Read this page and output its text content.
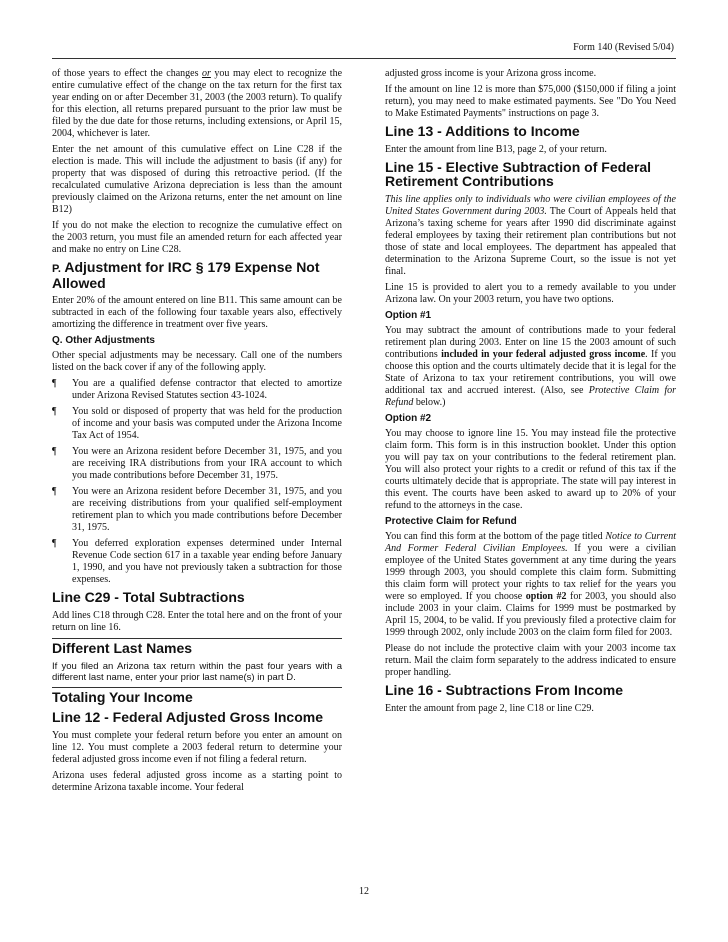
Form 140 (Revised 5/04)

of those years to effect the changes or you may elect to recognize the entire cumulative effect of the change on the tax return for the first tax year ending on or after December 31, 2003 (the 2003 return). To qualify for this election, all returns prepared pursuant to the prior law must be filed by the due date for those returns, including extensions, or April 15, 2004, whichever is later.

Enter the net amount of this cumulative effect on Line C28 if the election is made. This will include the adjustment to basis (if any) for property that was disposed of during this retroactive period. (If the recalculated cumulative Arizona depreciation is less than the amount previously claimed on the Arizona returns, enter the net amount on line B12)

If you do not make the election to recognize the cumulative effect on the 2003 return, you must file an amended return for each affected year and make no entry on Line C28.

P. Adjustment for IRC § 179 Expense Not Allowed

Enter 20% of the amount entered on line B11. This same amount can be subtracted in each of the following four taxable years also, effectively amortizing the difference in treatment over five years.

Q. Other Adjustments

Other special adjustments may be necessary. Call one of the numbers listed on the back cover if any of the following apply.

¶	You are a qualified defense contractor that elected to amortize under Arizona Revised Statutes section 43-1024.
¶	You sold or disposed of property that was held for the production of income and your basis was computed under the Arizona Income Tax Act of 1954.
¶	You were an Arizona resident before December 31, 1975, and you are receiving IRA distributions from your IRA account to which you made contributions before December 31, 1975.
¶	You were an Arizona resident before December 31, 1975, and you are receiving distributions from your qualified self-employment retirement plan to which you made contributions before December 31, 1975.
¶	You deferred exploration expenses determined under Internal Revenue Code section 617 in a taxable year ending before January 1, 1990, and you have not previously taken a subtraction for those expenses.
Line C29 - Total Subtractions

Add lines C18 through C28. Enter the total here and on the front of your return on line 16.

Different Last Names

If you filed an Arizona tax return within the past four years with a different last name, enter your prior last name(s) in part D.

Totaling Your Income
Line 12 - Federal Adjusted Gross Income

You must complete your federal return before you enter an amount on line 12. You must complete a 2003 federal return to determine your federal adjusted gross income even if not filing a federal return.

Arizona uses federal adjusted gross income as a starting point to determine Arizona taxable income. Your federal

adjusted gross income is your Arizona gross income.

If the amount on line 12 is more than $75,000 ($150,000 if filing a joint return), you may need to make estimated payments. See "Do You Need to Make Estimated Payments" instructions on page 3.

Line 13 - Additions to Income

Enter the amount from line B13, page 2, of your return.

Line 15 - Elective Subtraction of Federal Retirement Contributions

This line applies only to individuals who were civilian employees of the United States Government during 2003. The Court of Appeals held that Arizona’s taxing scheme for years after 1990 did discriminate against federal employees by taxing their retirement plan contributions but not those of state and local employees. The department has appealed that determination to the Arizona Supreme Court, so the issue is not yet final.

Line 15 is provided to alert you to a remedy available to you under Arizona law. On your 2003 return, you have two options.

Option #1

You may subtract the amount of contributions made to your federal retirement plan during 2003. Enter on line 15 the 2003 amount of such contributions included in your federal adjusted gross income. If you choose this option and the courts ultimately decide that it is legal for the State of Arizona to tax your retirement contributions, you will owe additional tax and accrued interest. (Also, see Protective Claim for Refund below.)

Option #2

You may choose to ignore line 15. You may instead file the protective claim form. This form is in this instruction booklet. Under this option you will pay tax on your contributions to the federal retirement plan. You will also protect your rights to a credit or refund of this tax if the courts ultimately decide that is appropriate. The state will pay interest in this event. The courts have been asked to award up to 20% of your refund to the attorneys in the case.

Protective Claim for Refund

You can find this form at the bottom of the page titled Notice to Current And Former Federal Civilian Employees. If you were a civilian employee of the United States government at any time during the years 1999 through 2003, you should complete this claim form. Submitting this claim form will protect your rights to tax relief for the years you were so employed. If you choose option #2 for 2003, you should also include 2003 in your claim. Claims for 1999 must be postmarked by April 15, 2004, to be valid. If you previously filed a protective claim for 1999 through 2002, only include 2003 on the claim form filed for 2003.

Please do not include the protective claim with your 2003 income tax return. Mail the claim form separately to the address indicated to ensure proper handling.

Line 16 - Subtractions From Income

Enter the amount from page 2, line C18 or line C29.

12
